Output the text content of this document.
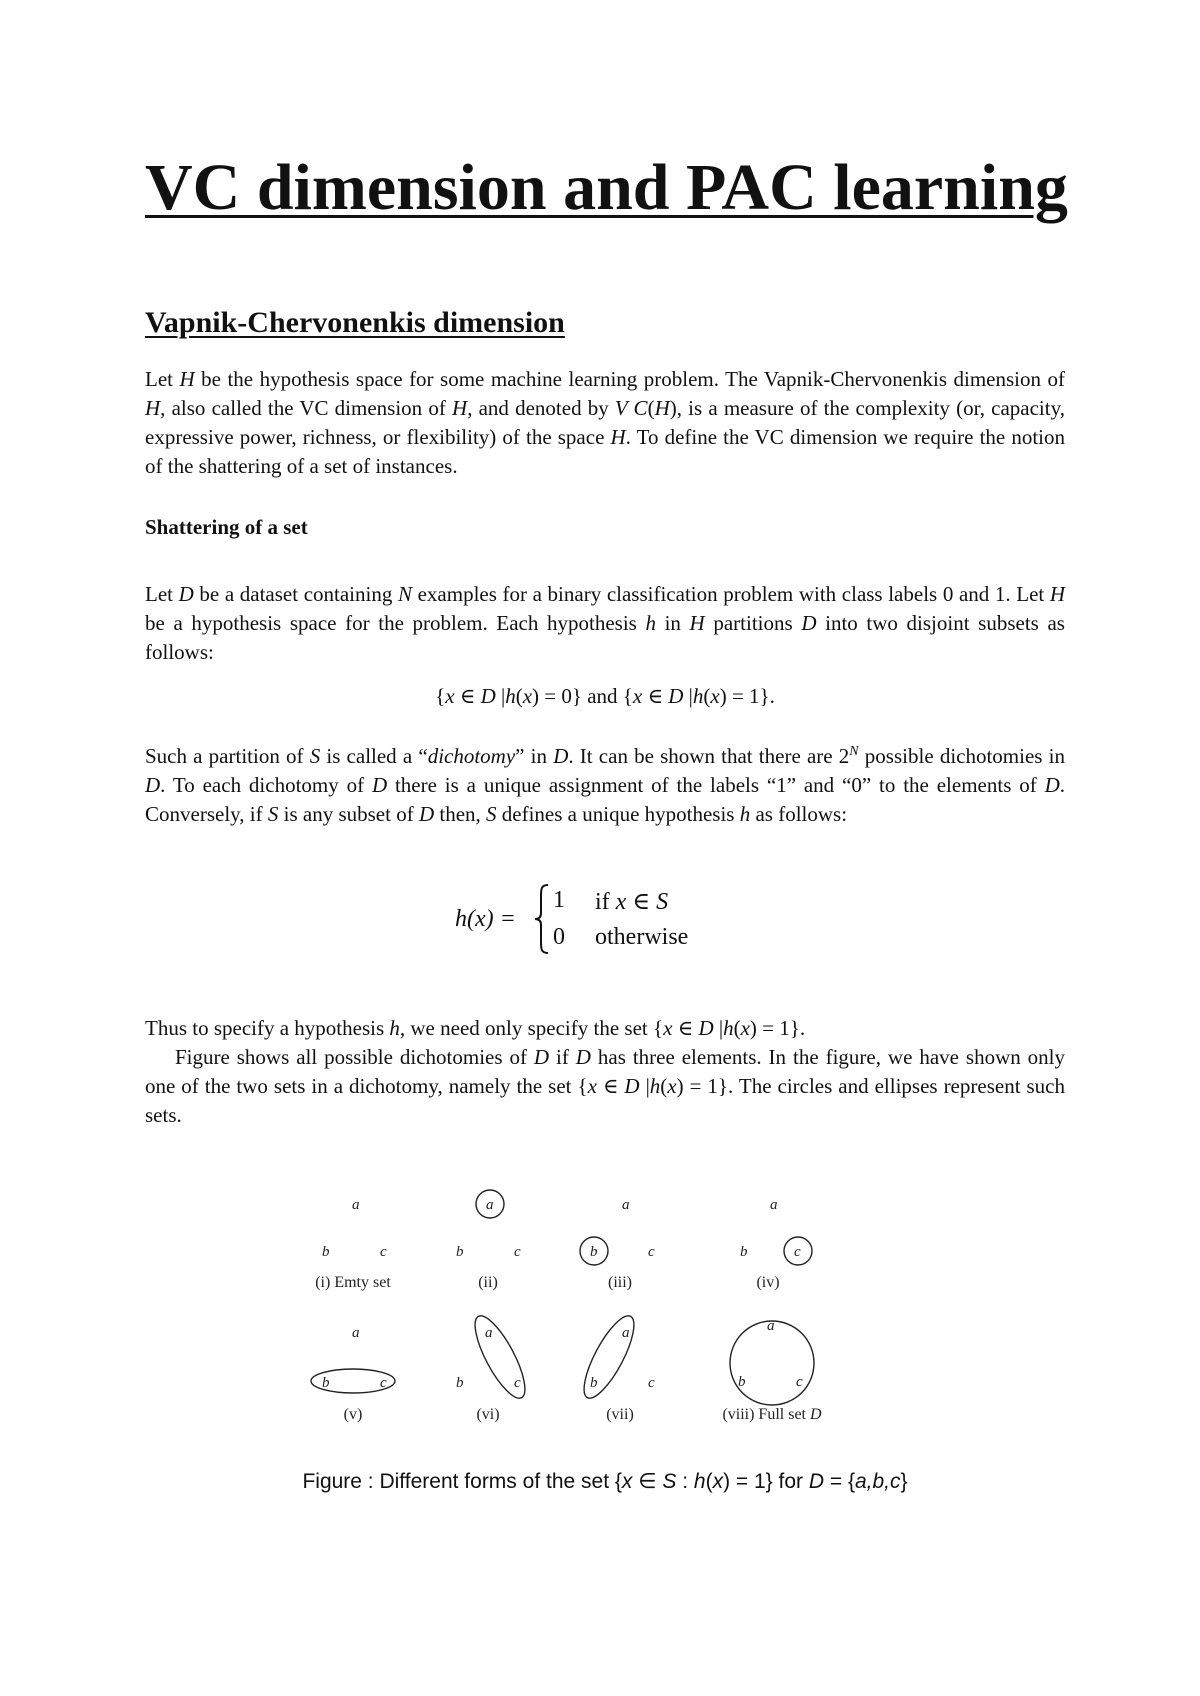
VC dimension and PAC learning
Vapnik-Chervonenkis dimension

Let H be the hypothesis space for some machine learning problem. The Vapnik-Chervonenkis dimension of H, also called the VC dimension of H, and denoted by V C(H), is a measure of the complexity (or, capacity, expressive power, richness, or flexibility) of the space H. To define the VC dimension we require the notion of the shattering of a set of instances.

Shattering of a set

Let D be a dataset containing N examples for a binary classification problem with class labels 0 and 1. Let H be a hypothesis space for the problem. Each hypothesis h in H partitions D into two disjoint subsets as follows:

{x ∈ D |h(x) = 0} and {x ∈ D |h(x) = 1}.

Such a partition of S is called a “dichotomy” in D. It can be shown that there are $2^N$ possible dichotomies in D. To each dichotomy of D there is a unique assignment of the labels “1” and “0” to the elements of D. Conversely, if S is any subset of D then, S defines a unique hypothesis h as follows:

h(x) =
1 if x ∈ S
0 otherwise

Thus to specify a hypothesis h, we need only specify the set {x ∈ D |h(x) = 1}.

Figure shows all possible dichotomies of D if D has three elements. In the figure, we have shown only one of the two sets in a dichotomy, namely the set {x ∈ D |h(x) = 1}. The circles and ellipses represent such sets.

a
b	c
a
b	c
a
b	c
a
b	c
a
b	c
a
b	c
a
b	c
a
b	c
(i) Emty set	(ii)	(iii)	(iv)
(v)	(vi)	(vii)	(viii) Full set D

Figure : Different forms of the set {x ∈ S : h(x) = 1} for D = {a,b,c}
